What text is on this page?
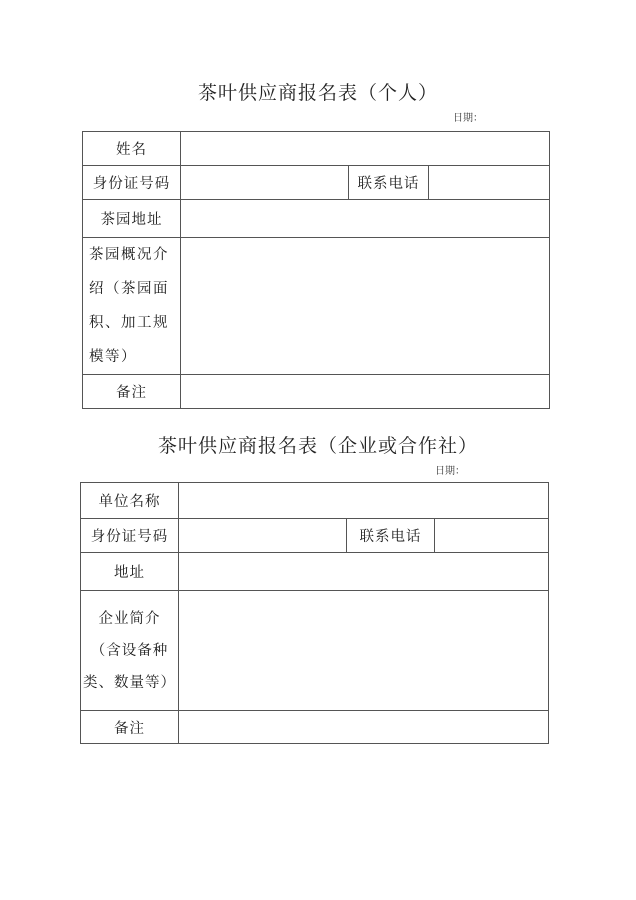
茶叶供应商报名表（个人）
日期：
姓名			
身份证号码		联系电话	
茶园地址			
茶园概况介
绍（茶园面
积、加工规
模等）			
备注			
茶叶供应商报名表（企业或合作社）
日期：
单位名称			
身份证号码		联系电话	
地址			
企业简介
（含设备种
类、数量等）			
备注			
